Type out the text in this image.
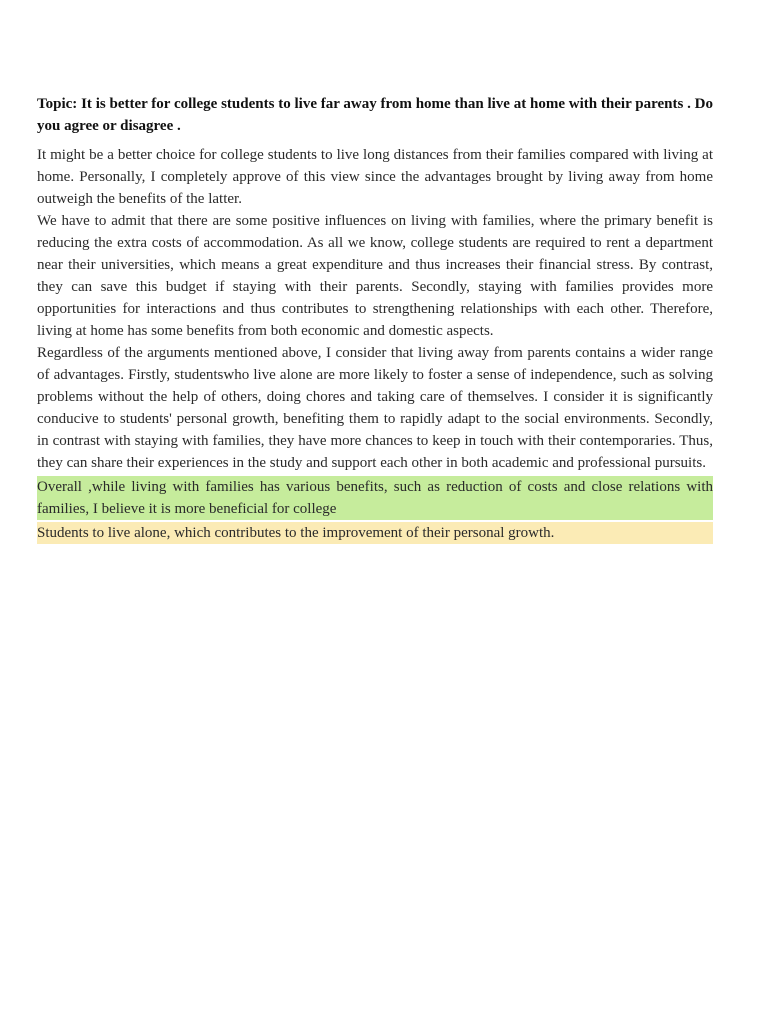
Topic: It is better for college students to live far away from home than live at home with their parents . Do you agree or disagree .

It might be a better choice for college students to live long distances from their families compared with living at home. Personally, I completely approve of this view since the advantages brought by living away from home outweigh the benefits of the latter.

We have to admit that there are some positive influences on living with families, where the primary benefit is reducing the extra costs of accommodation. As all we know, college students are required to rent a department near their universities, which means a great expenditure and thus increases their financial stress. By contrast, they can save this budget if staying with their parents. Secondly, staying with families provides more opportunities for interactions and thus contributes to strengthening relationships with each other. Therefore, living at home has some benefits from both economic and domestic aspects.

Regardless of the arguments mentioned above, I consider that living away from parents contains a wider range of advantages. Firstly, studentswho live alone are more likely to foster a sense of independence, such as solving problems without the help of others, doing chores and taking care of themselves. I consider it is significantly conducive to students' personal growth, benefiting them to rapidly adapt to the social environments. Secondly, in contrast with staying with families, they have more chances to keep in touch with their contemporaries. Thus, they can share their experiences in the study and support each other in both academic and professional pursuits.

Overall ,while living with families has various benefits, such as reduction of costs and close relations with families, I believe it is more beneficial for college

Students to live alone, which contributes to the improvement of their personal growth.
